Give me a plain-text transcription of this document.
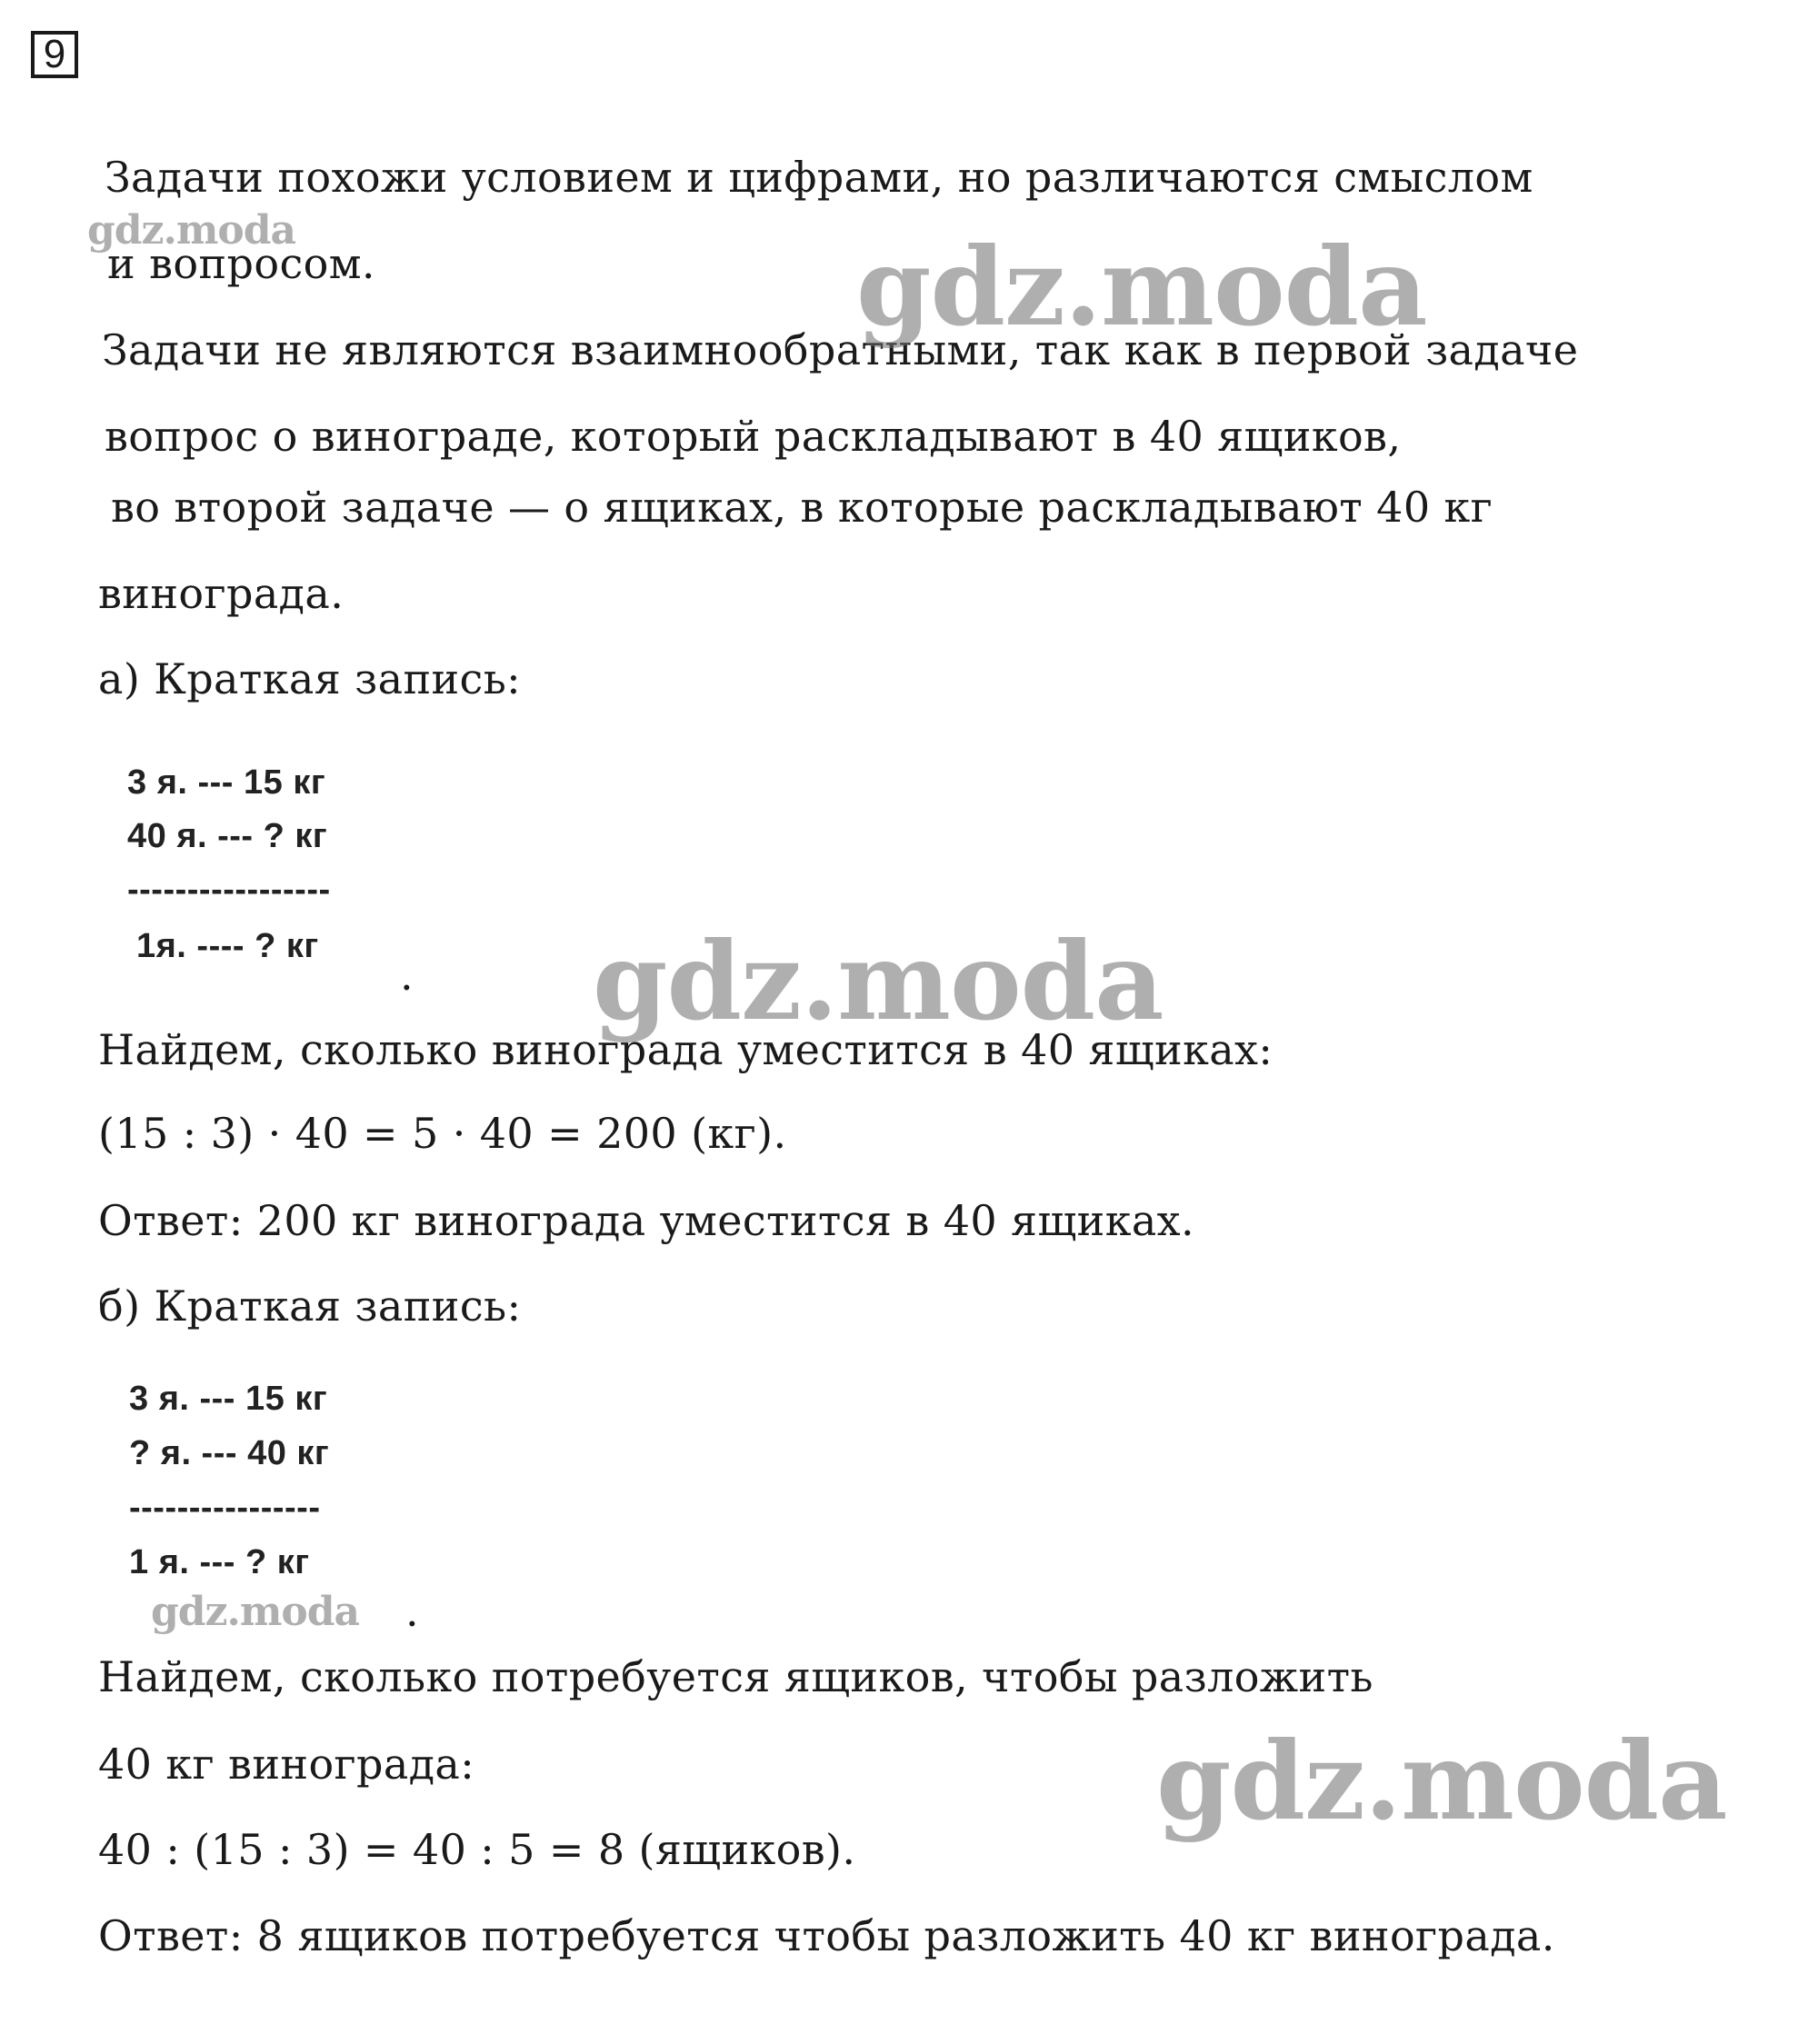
9
Задачи похожи условием и цифрами, но различаются смыслом
и вопросом.
Задачи не являются взаимнообратными, так как в первой задаче
вопрос о винограде, который раскладывают в 40 ящиков,
во второй задаче — о ящиках, в которые раскладывают 40 кг
винограда.
а) Краткая запись:
3 я. --- 15 кг
40 я. --- ? кг
-----------------
1я. ---- ? кг
.
Найдем, сколько винограда уместится в 40 ящиках:
(15 : 3) · 40 = 5 · 40 = 200 (кг).
Ответ: 200 кг винограда уместится в 40 ящиках.
б) Краткая запись:
3 я. --- 15 кг
? я. --- 40 кг
----------------
1 я. --- ? кг
.
Найдем, сколько потребуется ящиков, чтобы разложить
40 кг винограда:
40 : (15 : 3) = 40 : 5 = 8 (ящиков).
Ответ: 8 ящиков потребуется чтобы разложить 40 кг винограда.
gdz.moda	gdz.moda
gdz.moda
gdz.moda
gdz.moda
